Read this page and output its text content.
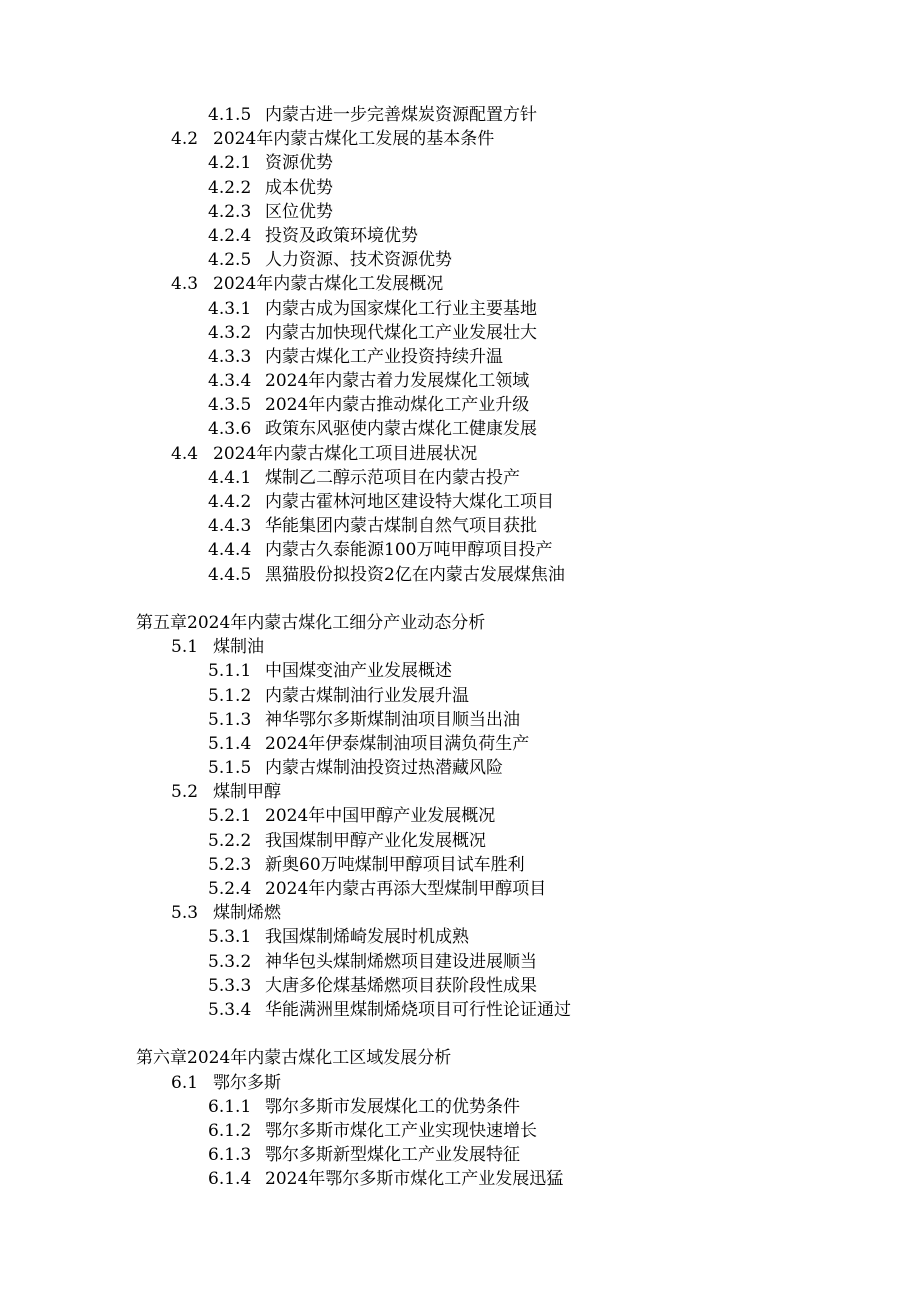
4.1.5 内蒙古进一步完善煤炭资源配置方针
4.2 2024年内蒙古煤化工发展的基本条件
4.2.1 资源优势
4.2.2 成本优势
4.2.3 区位优势
4.2.4 投资及政策环境优势
4.2.5 人力资源、技术资源优势
4.3 2024年内蒙古煤化工发展概况
4.3.1 内蒙古成为国家煤化工行业主要基地
4.3.2 内蒙古加快现代煤化工产业发展壮大
4.3.3 内蒙古煤化工产业投资持续升温
4.3.4 2024年内蒙古着力发展煤化工领域
4.3.5 2024年内蒙古推动煤化工产业升级
4.3.6 政策东风驱使内蒙古煤化工健康发展
4.4 2024年内蒙古煤化工项目进展状况
4.4.1 煤制乙二醇示范项目在内蒙古投产
4.4.2 内蒙古霍林河地区建设特大煤化工项目
4.4.3 华能集团内蒙古煤制自然气项目获批
4.4.4 内蒙古久泰能源100万吨甲醇项目投产
4.4.5 黑猫股份拟投资2亿在内蒙古发展煤焦油
第五章2024年内蒙古煤化工细分产业动态分析
5.1 煤制油
5.1.1 中国煤变油产业发展概述
5.1.2 内蒙古煤制油行业发展升温
5.1.3 神华鄂尔多斯煤制油项目顺当出油
5.1.4 2024年伊泰煤制油项目满负荷生产
5.1.5 内蒙古煤制油投资过热潜藏风险
5.2 煤制甲醇
5.2.1 2024年中国甲醇产业发展概况
5.2.2 我国煤制甲醇产业化发展概况
5.2.3 新奥60万吨煤制甲醇项目试车胜利
5.2.4 2024年内蒙古再添大型煤制甲醇项目
5.3 煤制烯燃
5.3.1 我国煤制烯崎发展时机成熟
5.3.2 神华包头煤制烯燃项目建设进展顺当
5.3.3 大唐多伦煤基烯燃项目获阶段性成果
5.3.4 华能满洲里煤制烯烧项目可行性论证通过
第六章2024年内蒙古煤化工区域发展分析
6.1 鄂尔多斯
6.1.1 鄂尔多斯市发展煤化工的优势条件
6.1.2 鄂尔多斯市煤化工产业实现快速增长
6.1.3 鄂尔多斯新型煤化工产业发展特征
6.1.4 2024年鄂尔多斯市煤化工产业发展迅猛
